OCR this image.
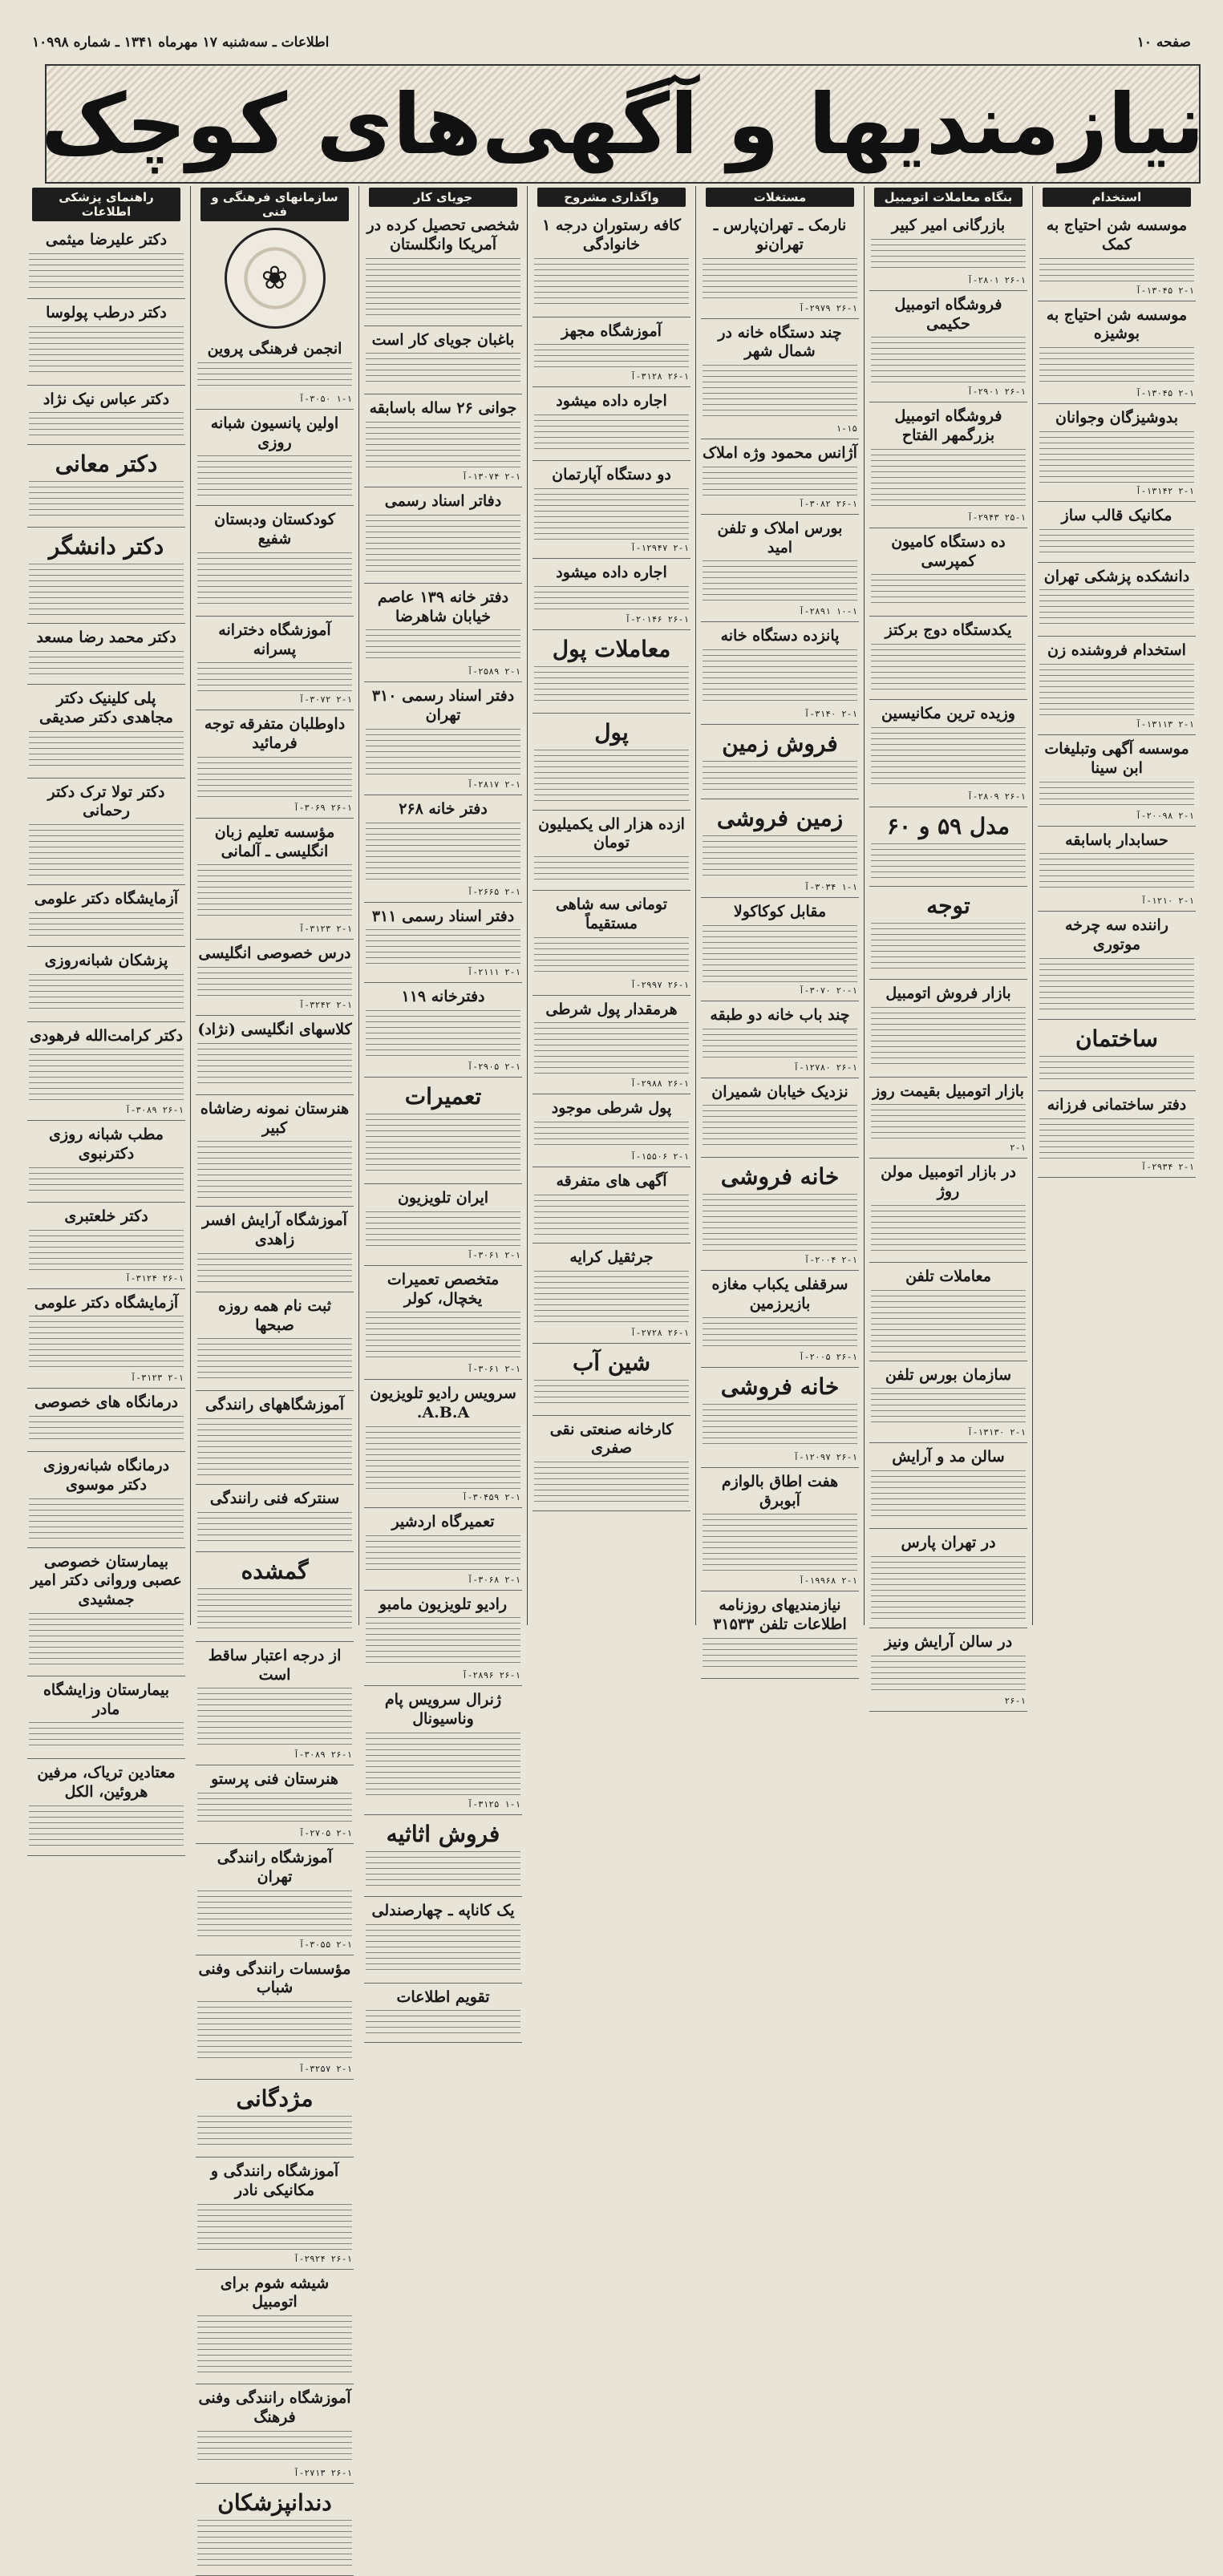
صفحه ۱۰
اطلاعات ـ سه‌شنبه ۱۷ مهرماه ۱۳۴۱ ـ شماره ۱۰۹۹۸
نیازمندیها و آگهی‌های کوچک
استخدام
موسسه شن احتیاج به کمک
۲-۱ ۱۳۰۴۵-آ
موسسه شن احتیاج به بوشیزه
۲-۱ ۱۳۰۴۵-آ
بدوشیزگان وجوانان
۲-۱ ۱۳۱۴۲-آ
مکانیک قالب ساز
دانشکده پزشکی تهران
استخدام فروشنده زن
۲-۱ ۱۳۱۱۳-آ
موسسه آگهی وتبلیغات ابن سینا
۲-۱ ۲۰۰۹۸-آ
حسابدار باسابقه
۲-۱ ۱۲۱۰-آ
راننده سه چرخه موتوری
ساختمان
دفتر ساختمانی فرزانه
۲-۱ ۲۹۳۴-آ
بنگاه معاملات اتومبیل
بازرگانی امیر کبیر
۲۶-۱ ۲۸۰۱-آ
فروشگاه اتومبیل حکیمی
۲۶-۱ ۲۹۰۱-آ
فروشگاه اتومبیل بزرگمهر الفتاح
۲۵-۱ ۲۹۴۳-آ
ده دستگاه کامیون کمپرسی
یکدستگاه دوج برکتز
وزیده ترین مکانیسین
۲۶-۱ ۲۸۰۹-آ
مدل ۵۹ و ۶۰
توجه
بازار فروش اتومبیل
بازار اتومبیل بقیمت روز
۲-۱
در بازار اتومبیل مولن روژ
معاملات تلفن
سازمان بورس تلفن
۲-۱ ۱۳۱۳۰-آ
سالن مد و آرایش
در تهران پارس
در سالن آرایش ونیز
۲۶-۱
مستغلات
نارمک ـ تهران‌پارس ـ تهران‌نو
۲۶-۱ ۲۹۷۹-آ
چند دستگاه خانه در شمال شهر
۱-۱۵
آژانس محمود وژه املاک
۲۶-۱ ۳۰۸۲-آ
بورس املاک و تلفن امید
۱۰-۱ ۲۸۹۱-آ
پانزده دستگاه خانه
۲-۱ ۳۱۴۰-آ
فروش زمین
زمین فروشی
۱-۱ ۳۰۳۴-آ
مقابل کوکاکولا
۲۰-۱ ۳۰۷۰-آ
چند باب خانه دو طبقه
۲۶-۱ ۱۲۷۸۰-آ
نزدیک خیابان شمیران
خانه فروشی
۲-۱ ۲۰۰۴-آ
سرقفلی یکباب مغازه بازیرزمین
۲۶-۱ ۲۰۰۵-آ
خانه فروشی
۲۶-۱ ۱۲۰۹۷-آ
هفت اطاق بالوازم آبوبرق
۲-۱ ۱۹۹۶۸-آ
نیازمندیهای روزنامه اطلاعات تلفن ۳۱۵۳۳
واگذاری مشروح
کافه رستوران درجه ۱ خانوادگی
آموزشگاه مجهز
۲۶-۱ ۳۱۲۸-آ
اجاره داده میشود
دو دستگاه آپارتمان
۲-۱ ۱۲۹۴۷-آ
اجاره داده میشود
۲۶-۱ ۲۰۱۴۶-آ
معاملات پول
پول
ازده هزار الی یکمیلیون تومان
تومانی سه شاهی مستقیماً
۲۶-۱ ۲۹۹۷-آ
هرمقدار پول شرطی
۲۶-۱ ۲۹۸۸-آ
پول شرطی موجود
۲-۱ ۱۵۵۰۶-آ
آگهی های متفرقه
جرثقیل کرایه
۲۶-۱ ۲۷۲۸-آ
شین آب
کارخانه صنعتی نقی صفری
جویای کار
شخصی تحصیل کرده در آمریکا وانگلستان
باغبان جویای کار است
جوانی ۲۶ ساله باسابقه
۲-۱ ۱۳۰۷۴-آ
دفاتر اسناد رسمی
دفتر خانه ۱۳۹ عاصم خیابان شاهرضا
۲-۱ ۲۵۸۹-آ
دفتر اسناد رسمی ۳۱۰ تهران
۲-۱ ۲۸۱۷-آ
دفتر خانه ۲۶۸
۲-۱ ۲۶۶۵-آ
دفتر اسناد رسمی ۳۱۱
۲-۱ ۲۱۱۱-آ
دفترخانه ۱۱۹
۲-۱ ۲۹۰۵-آ
تعمیرات
ایران تلویزیون
۲-۱ ۳۰۶۱-آ
متخصص تعمیرات یخچال، کولر
۲-۱ ۳۰۶۱-آ
سرویس رادیو تلویزیون A.B.A.
۲-۱ ۳۰۴۵۹-آ
تعمیرگاه اردشیر
۲-۱ ۳۰۶۸-آ
رادیو تلویزیون مامبو
۲۶-۱ ۲۸۹۶-آ
ژنرال سرویس پام وناسیونال
۱-۱ ۳۱۲۵-آ
فروش اثاثیه
یک کاناپه ـ چهارصندلی
تقویم اطلاعات
سازمانهای فرهنگی و فنی
❀
انجمن فرهنگی پروین
۱-۱ ۳۰۵۰-آ
اولین پانسیون شبانه روزی
کودکستان ودبستان شفیع
آموزشگاه دخترانه پسرانه
۲-۱ ۳۰۷۲-آ
داوطلبان متفرقه توجه فرمائید
۲۶-۱ ۳۰۶۹-آ
مؤسسه تعلیم زبان انگلیسی ـ آلمانی
۲-۱ ۳۱۲۳-آ
درس خصوصی انگلیسی
۲-۱ ۳۲۴۲-آ
کلاسهای انگلیسی (نژاد)
هنرستان نمونه رضاشاه کبیر
آموزشگاه آرایش افسر زاهدی
ثبت نام همه روزه صبحها
آموزشگاههای رانندگی
سنترکه فنی رانندگی
گمشده
از درجه اعتبار ساقط است
۲۶-۱ ۳۰۸۹-آ
هنرستان فنی پرستو
۲-۱ ۲۷۰۵-آ
آموزشگاه رانندگی تهران
۲-۱ ۳۰۵۵-آ
مؤسسات رانندگی وفنی شباب
۲-۱ ۳۲۵۷-آ
مژدگانی
آموزشگاه رانندگی و مکانیکی نادر
۲۶-۱ ۲۹۲۴-آ
شیشه شوم برای اتومبیل
آموزشگاه رانندگی وفنی فرهنگ
۲۶-۱ ۲۷۱۳-آ
دندانپزشکان
راهنمای پزشکی اطلاعات
دکتر علیرضا میثمی
دکتر درطب پولوسا
دکتر عباس نیک نژاد
دکتر معانی
دکتر دانشگر
دکتر محمد رضا مسعد
پلی کلینیک دکتر مجاهدی دکتر صدیقی
دکتر تولا ترک دکتر رحمانی
آزمایشگاه دکتر علومی
پزشکان شبانه‌روزی
دکتر کرامت‌الله فرهودی
۲۶-۱ ۳۰۸۹-آ
مطب شبانه روزی دکترنبوی
دکتر خلعتبری
۲۶-۱ ۳۱۲۴-آ
آزمایشگاه دکتر علومی
۲-۱ ۳۱۲۳-آ
درمانگاه های خصوصی
درمانگاه شبانه‌روزی دکتر موسوی
بیمارستان خصوصی عصبی وروانی دکتر امیر جمشیدی
بیمارستان وزایشگاه مادر
معتادین تریاک، مرفین هروئین، الکل
